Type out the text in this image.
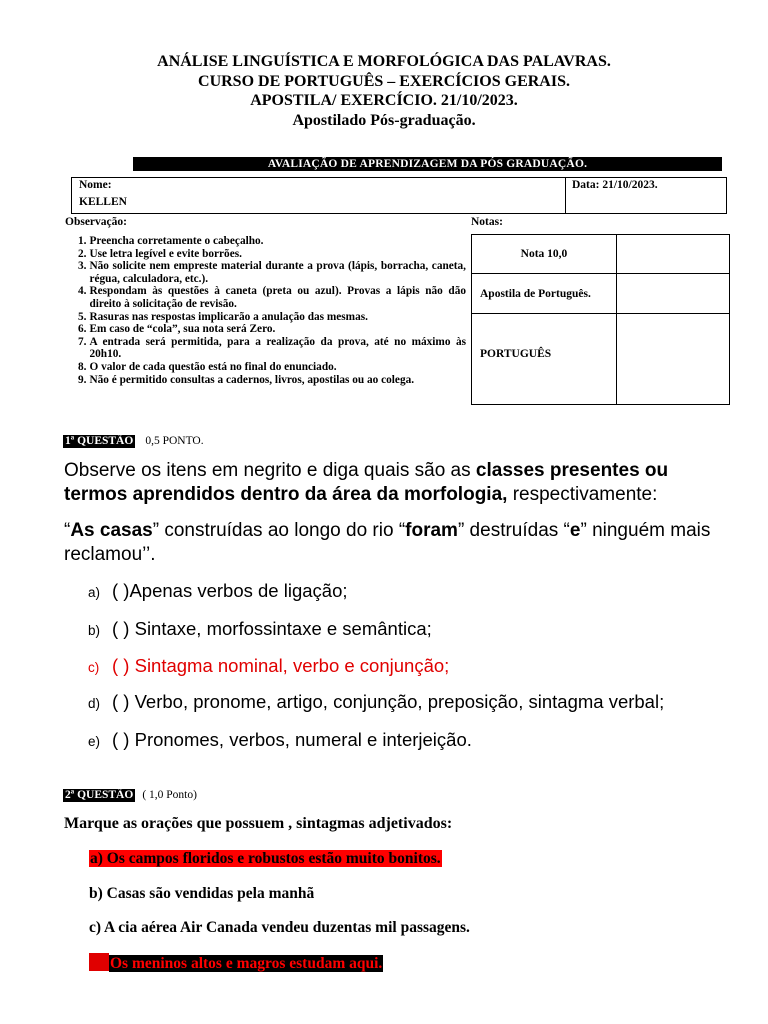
ANÁLISE LINGUÍSTICA E MORFOLÓGICA DAS PALAVRAS.
CURSO DE PORTUGUÊS – EXERCÍCIOS GERAIS.
APOSTILA/ EXERCÍCIO. 21/10/2023.
Apostilado Pós-graduação.
AVALIAÇÃO DE APRENDIZAGEM DA PÓS GRADUAÇÃO.
Nome:
KELLEN
Data: 21/10/2023.
Observação:	Notas:
1. Preencha corretamente o cabeçalho.
2. Use letra legível e evite borrões.
3. Não solicite nem empreste material durante a prova (lápis, borracha, caneta, régua, calculadora, etc.).
4. Respondam às questões à caneta (preta ou azul). Provas a lápis não dão direito à solicitação de revisão.
5. Rasuras nas respostas implicarão a anulação das mesmas.
6. Em caso de “cola”, sua nota será Zero.
7. A entrada será permitida, para a realização da prova, até no máximo às 20h10.
8. O valor de cada questão está no final do enunciado.
9. Não é permitido consultas a cadernos, livros, apostilas ou ao colega.
Nota 10,0	
Apostila de Português.	
PORTUGUÊS	
1ª QUESTÃO 0,5 PONTO.
Observe os itens em negrito e diga quais são as classes presentes ou termos aprendidos dentro da área da morfologia, respectivamente:
“As casas” construídas ao longo do rio “foram” destruídas “e” ninguém mais reclamou’’.
a) ( )Apenas verbos de ligação;
b) ( ) Sintaxe, morfossintaxe e semântica;
c) ( ) Sintagma nominal, verbo e conjunção;
d) ( ) Verbo, pronome, artigo, conjunção, preposição, sintagma verbal;
e) ( ) Pronomes, verbos, numeral e interjeição.
2ª QUESTÃO ( 1,0 Ponto)
Marque as orações que possuem , sintagmas adjetivados:
a) Os campos floridos e robustos estão muito bonitos.
b) Casas são vendidas pela manhã
c) A cia aérea Air Canada vendeu duzentas mil passagens.
Os meninos altos e magros estudam aqui.
